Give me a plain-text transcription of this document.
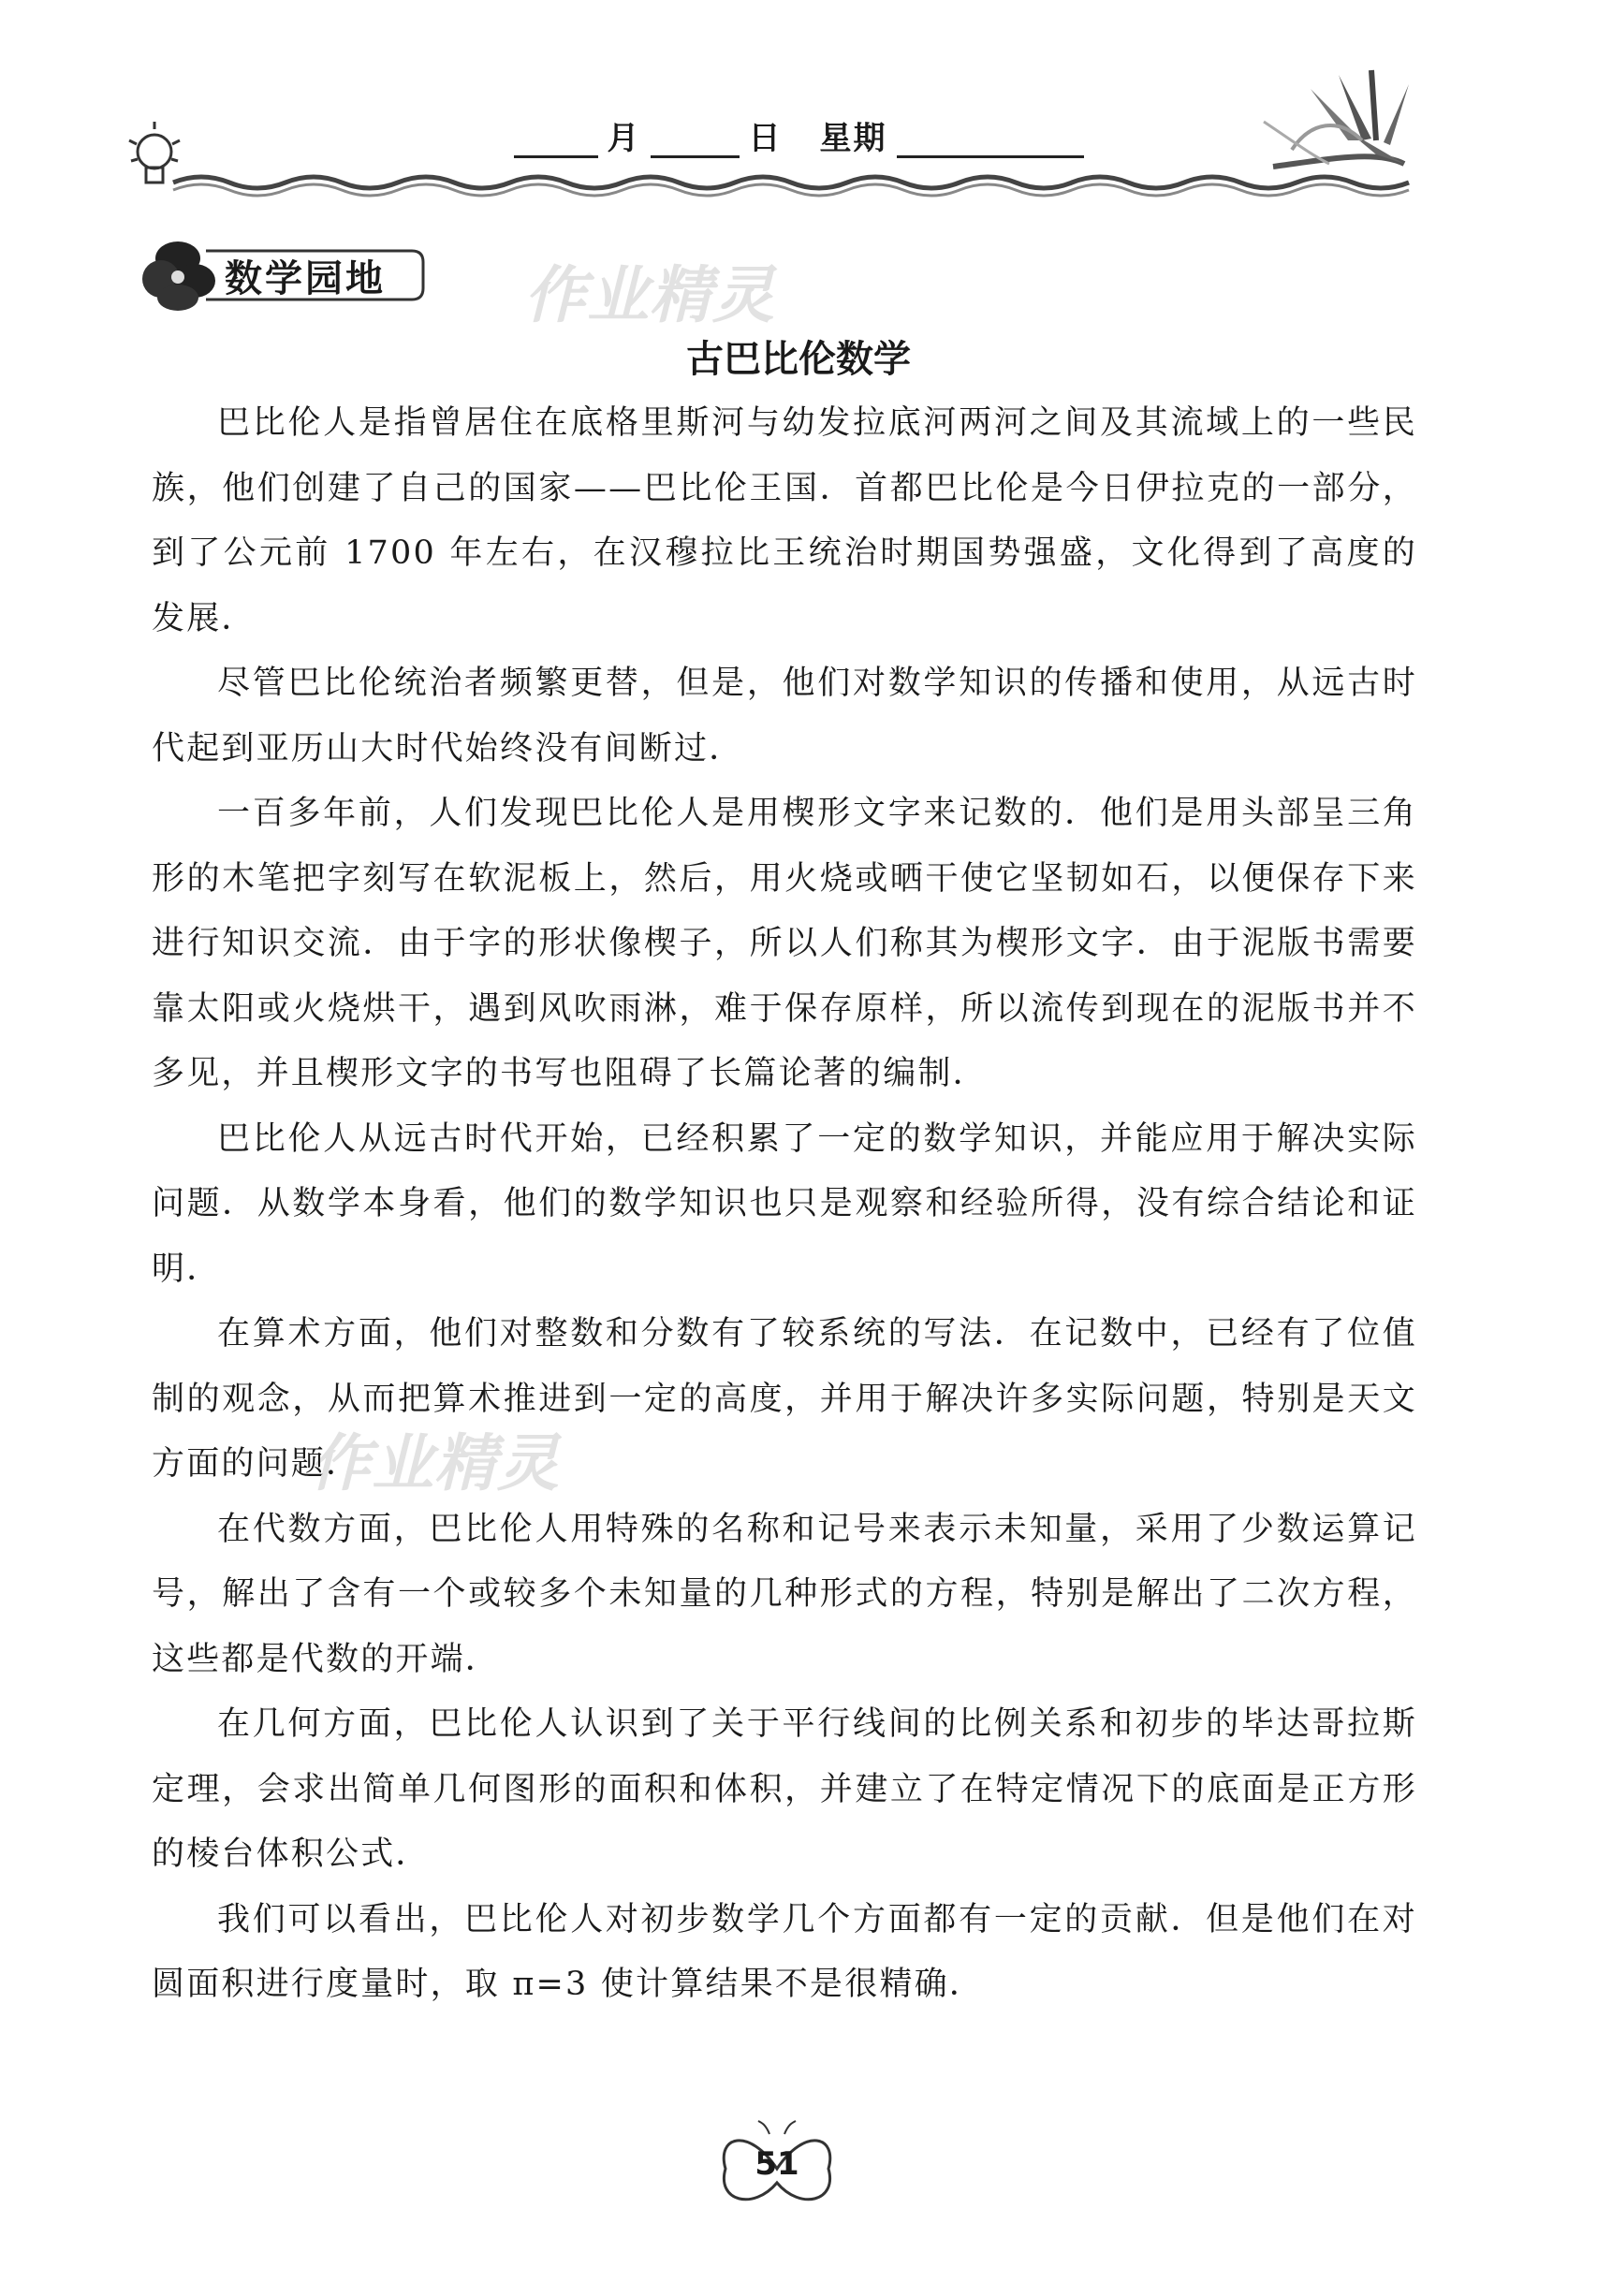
月	日 星期
数学园地 作业精灵
作业精灵
古巴比伦数学

巴比伦人是指曾居住在底格里斯河与幼发拉底河两河之间及其流域上的一些民族，他们创建了自己的国家——巴比伦王国．首都巴比伦是今日伊拉克的一部分，到了公元前 1700 年左右，在汉穆拉比王统治时期国势强盛，文化得到了高度的发展．

尽管巴比伦统治者频繁更替，但是，他们对数学知识的传播和使用，从远古时代起到亚历山大时代始终没有间断过．

一百多年前，人们发现巴比伦人是用楔形文字来记数的．他们是用头部呈三角形的木笔把字刻写在软泥板上，然后，用火烧或晒干使它坚韧如石，以便保存下来进行知识交流．由于字的形状像楔子，所以人们称其为楔形文字．由于泥版书需要靠太阳或火烧烘干，遇到风吹雨淋，难于保存原样，所以流传到现在的泥版书并不多见，并且楔形文字的书写也阻碍了长篇论著的编制．

巴比伦人从远古时代开始，已经积累了一定的数学知识，并能应用于解决实际问题．从数学本身看，他们的数学知识也只是观察和经验所得，没有综合结论和证明．

在算术方面，他们对整数和分数有了较系统的写法．在记数中，已经有了位值制的观念，从而把算术推进到一定的高度，并用于解决许多实际问题，特别是天文方面的问题．

在代数方面，巴比伦人用特殊的名称和记号来表示未知量，采用了少数运算记号，解出了含有一个或较多个未知量的几种形式的方程，特别是解出了二次方程，这些都是代数的开端．

在几何方面，巴比伦人认识到了关于平行线间的比例关系和初步的毕达哥拉斯定理，会求出简单几何图形的面积和体积，并建立了在特定情况下的底面是正方形的棱台体积公式．

我们可以看出，巴比伦人对初步数学几个方面都有一定的贡献．但是他们在对圆面积进行度量时，取 π=3 使计算结果不是很精确．

51
